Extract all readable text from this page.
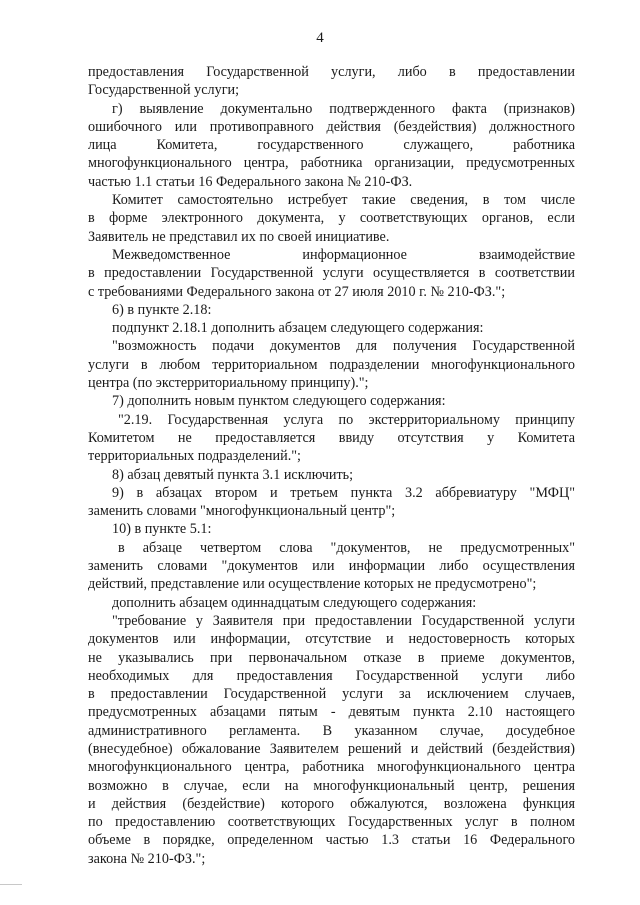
4
предоставления Государственной услуги, либо в предоставлении
Государственной услуги;
г) выявление документально подтвержденного факта (признаков)
ошибочного или противоправного действия (бездействия) должностного
лица Комитета, государственного служащего, работника
многофункционального центра, работника организации, предусмотренных
частью 1.1 статьи 16 Федерального закона № 210-ФЗ.
Комитет самостоятельно истребует такие сведения, в том числе
в форме электронного документа, у соответствующих органов, если
Заявитель не представил их по своей инициативе.
Межведомственное информационное взаимодействие
в предоставлении Государственной услуги осуществляется в соответствии
с требованиями Федерального закона от 27 июля 2010 г. № 210-ФЗ.";
6) в пункте 2.18:
подпункт 2.18.1 дополнить абзацем следующего содержания:
"возможность подачи документов для получения Государственной
услуги в любом территориальном подразделении многофункционального
центра (по экстерриториальному принципу).";
7) дополнить новым пунктом следующего содержания:
"2.19. Государственная услуга по экстерриториальному принципу
Комитетом не предоставляется ввиду отсутствия у Комитета
территориальных подразделений.";
8) абзац девятый пункта 3.1 исключить;
9) в абзацах втором и третьем пункта 3.2 аббревиатуру "МФЦ"
заменить словами "многофункциональный центр";
10) в пункте 5.1:
в абзаце четвертом слова "документов, не предусмотренных"
заменить словами "документов или информации либо осуществления
действий, представление или осуществление которых не предусмотрено";
дополнить абзацем одиннадцатым следующего содержания:
"требование у Заявителя при предоставлении Государственной услуги
документов или информации, отсутствие и недостоверность которых
не указывались при первоначальном отказе в приеме документов,
необходимых для предоставления Государственной услуги либо
в предоставлении Государственной услуги за исключением случаев,
предусмотренных абзацами пятым - девятым пункта 2.10 настоящего
административного регламента. В указанном случае, досудебное
(внесудебное) обжалование Заявителем решений и действий (бездействия)
многофункционального центра, работника многофункционального центра
возможно в случае, если на многофункциональный центр, решения
и действия (бездействие) которого обжалуются, возложена функция
по предоставлению соответствующих Государственных услуг в полном
объеме в порядке, определенном частью 1.3 статьи 16 Федерального
закона № 210-ФЗ.";
